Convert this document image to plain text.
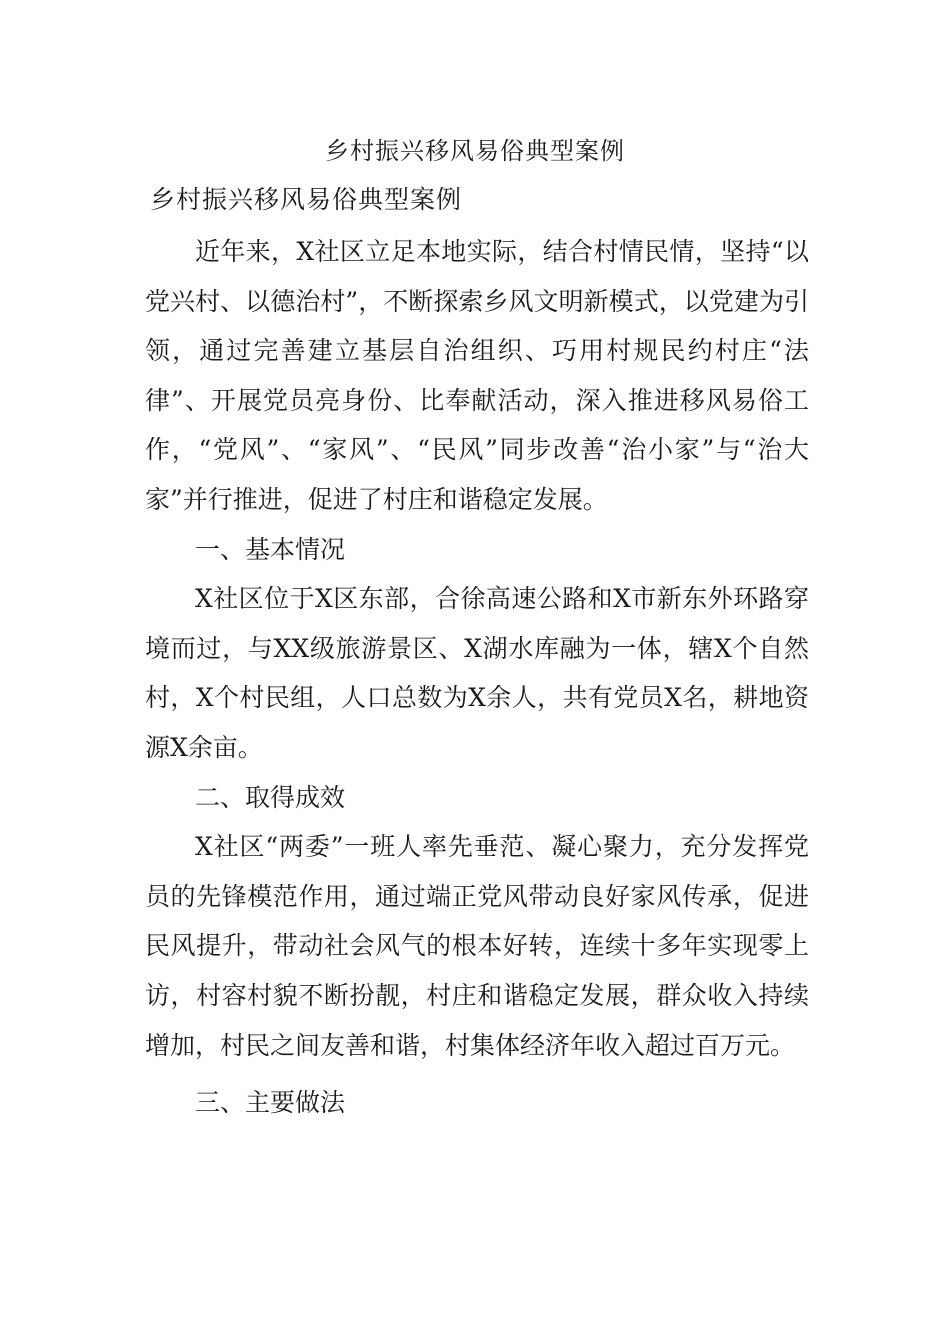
乡村振兴移风易俗典型案例
乡村振兴移风易俗典型案例

近年来，X社区立足本地实际，结合村情民情，坚持“以党兴村、以德治村”，不断探索乡风文明新模式，以党建为引领，通过完善建立基层自治组织、巧用村规民约村庄“法律”、开展党员亮身份、比奉献活动，深入推进移风易俗工作，“党风”、“家风”、“民风”同步改善“治小家”与“治大家”并行推进，促进了村庄和谐稳定发展。

一、基本情况

X社区位于X区东部，合徐高速公路和X市新东外环路穿境而过，与XX级旅游景区、X湖水库融为一体，辖X个自然村，X个村民组，人口总数为X余人，共有党员X名，耕地资源X余亩。

二、取得成效

X社区“两委”一班人率先垂范、凝心聚力，充分发挥党员的先锋模范作用，通过端正党风带动良好家风传承，促进民风提升，带动社会风气的根本好转，连续十多年实现零上访，村容村貌不断扮靓，村庄和谐稳定发展，群众收入持续增加，村民之间友善和谐，村集体经济年收入超过百万元。

三、主要做法
